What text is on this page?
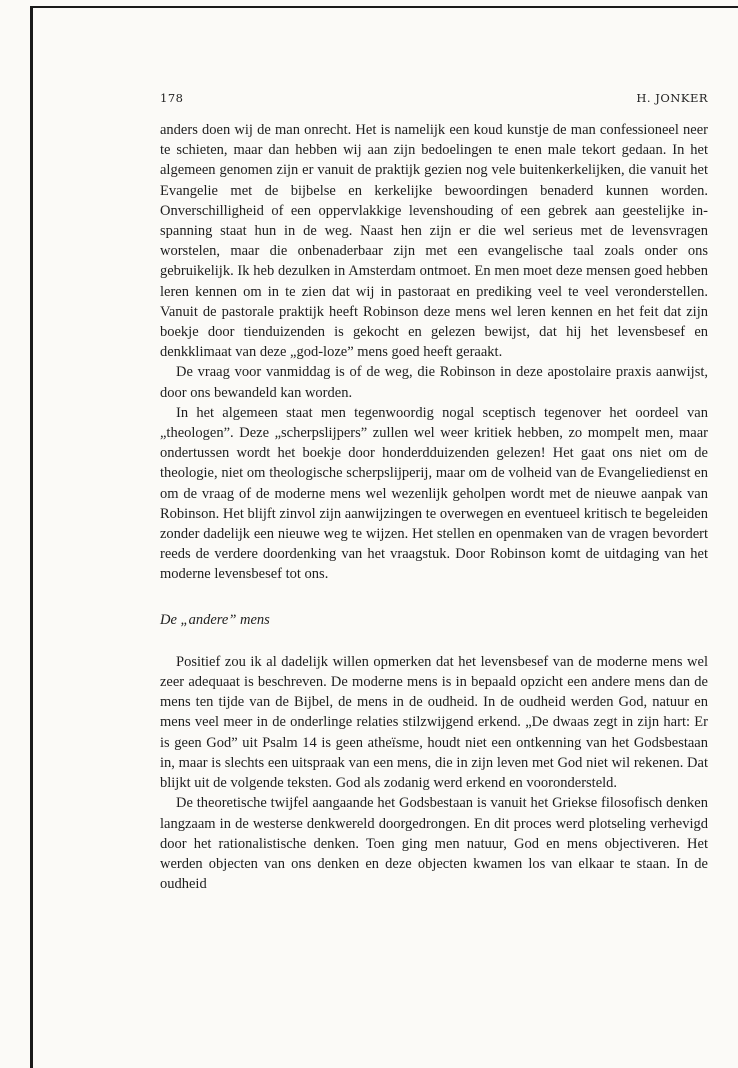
178	H. JONKER

anders doen wij de man onrecht. Het is namelijk een koud kunstje de man confessioneel neer te schieten, maar dan hebben wij aan zijn bedoelingen te enen male tekort gedaan. In het algemeen genomen zijn er vanuit de praktijk gezien nog vele buitenkerkelijken, die vanuit het Evangelie met de bijbelse en kerkelijke bewoordingen benaderd kunnen worden. Onverschilligheid of een oppervlakkige levenshouding of een gebrek aan geestelijke inspanning staat hun in de weg. Naast hen zijn er die wel serieus met de levensvragen worstelen, maar die onbenaderbaar zijn met een evangelische taal zoals onder ons gebruikelijk. Ik heb dezulken in Amsterdam ontmoet. En men moet deze mensen goed hebben leren kennen om in te zien dat wij in pastoraat en prediking veel te veel veronderstellen. Vanuit de pastorale praktijk heeft Robinson deze mens wel leren kennen en het feit dat zijn boekje door tienduizenden is gekocht en gelezen bewijst, dat hij het levensbesef en denkklimaat van deze „god-loze” mens goed heeft geraakt.

De vraag voor vanmiddag is of de weg, die Robinson in deze apostolaire praxis aanwijst, door ons bewandeld kan worden.

In het algemeen staat men tegenwoordig nogal sceptisch tegenover het oordeel van „theologen”. Deze „scherpslijpers” zullen wel weer kritiek hebben, zo mompelt men, maar ondertussen wordt het boekje door honderdduizenden gelezen! Het gaat ons niet om de theologie, niet om theologische scherpslijperij, maar om de volheid van de Evangeliedienst en om de vraag of de moderne mens wel wezenlijk geholpen wordt met de nieuwe aanpak van Robinson. Het blijft zinvol zijn aanwijzingen te overwegen en eventueel kritisch te begeleiden zonder dadelijk een nieuwe weg te wijzen. Het stellen en openmaken van de vragen bevordert reeds de verdere doordenking van het vraagstuk. Door Robinson komt de uitdaging van het moderne levensbesef tot ons.

De „andere” mens

Positief zou ik al dadelijk willen opmerken dat het levensbesef van de moderne mens wel zeer adequaat is beschreven. De moderne mens is in bepaald opzicht een andere mens dan de mens ten tijde van de Bijbel, de mens in de oudheid. In de oudheid werden God, natuur en mens veel meer in de onderlinge relaties stilzwijgend erkend. „De dwaas zegt in zijn hart: Er is geen God” uit Psalm 14 is geen atheïsme, houdt niet een ontkenning van het Godsbestaan in, maar is slechts een uitspraak van een mens, die in zijn leven met God niet wil rekenen. Dat blijkt uit de volgende teksten. God als zodanig werd erkend en voorondersteld.

De theoretische twijfel aangaande het Godsbestaan is vanuit het Griekse filosofisch denken langzaam in de westerse denkwereld doorgedrongen. En dit proces werd plotseling verhevigd door het rationalistische denken. Toen ging men natuur, God en mens objectiveren. Het werden objecten van ons denken en deze objecten kwamen los van elkaar te staan. In de oudheid
